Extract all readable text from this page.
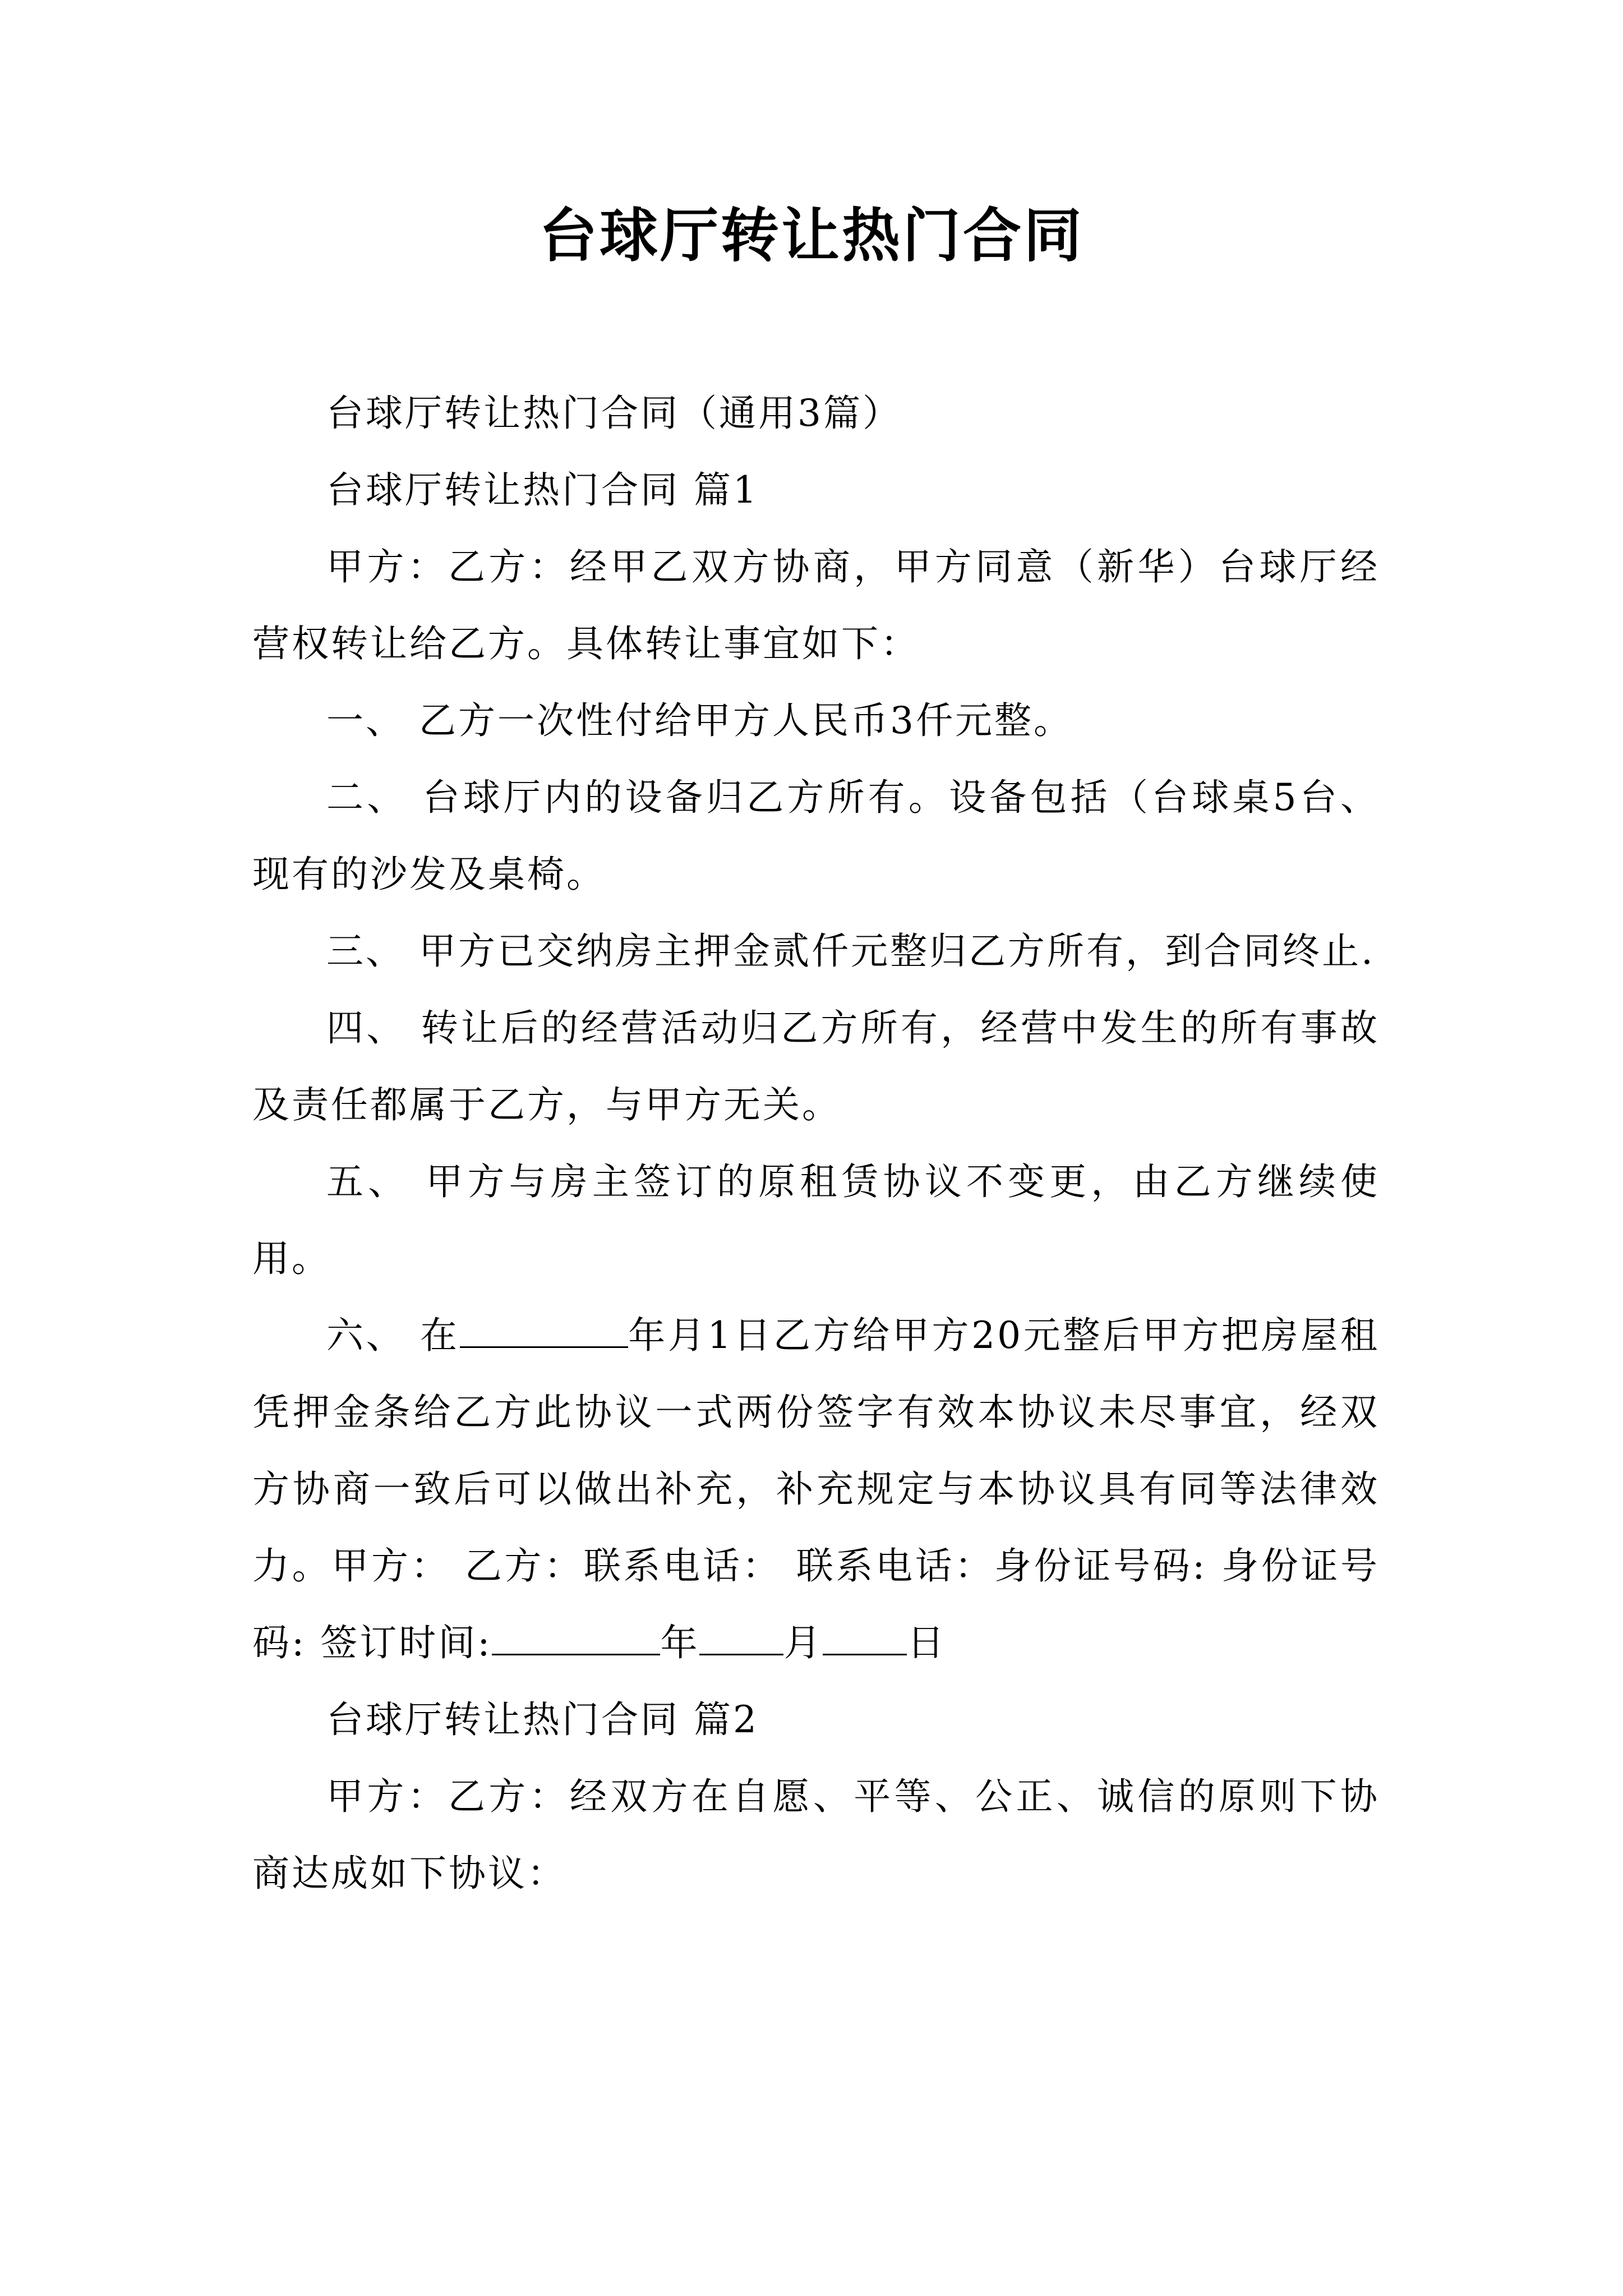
台球厅转让热门合同

台球厅转让热门合同（通用3篇）

台球厅转让热门合同 篇1

甲方：乙方：经甲乙双方协商，甲方同意（新华）台球厅经营权转让给乙方。具体转让事宜如下：

一、 乙方一次性付给甲方人民币3仟元整。

二、 台球厅内的设备归乙方所有。设备包括（台球桌5台、现有的沙发及桌椅。

三、 甲方已交纳房主押金贰仟元整归乙方所有，到合同终止.

四、 转让后的经营活动归乙方所有，经营中发生的所有事故及责任都属于乙方，与甲方无关。

五、 甲方与房主签订的原租赁协议不变更，由乙方继续使用。

六、 在	年月1日乙方给甲方20元整后甲方把房屋租凭押金条给乙方此协议一式两份签字有效本协议未尽事宜，经双方协商一致后可以做出补充，补充规定与本协议具有同等法律效力。甲方： 乙方：联系电话： 联系电话：身份证号码: 身份证号码: 签订时间:	年 月 日

台球厅转让热门合同 篇2

甲方：乙方：经双方在自愿、平等、公正、诚信的原则下协商达成如下协议：
